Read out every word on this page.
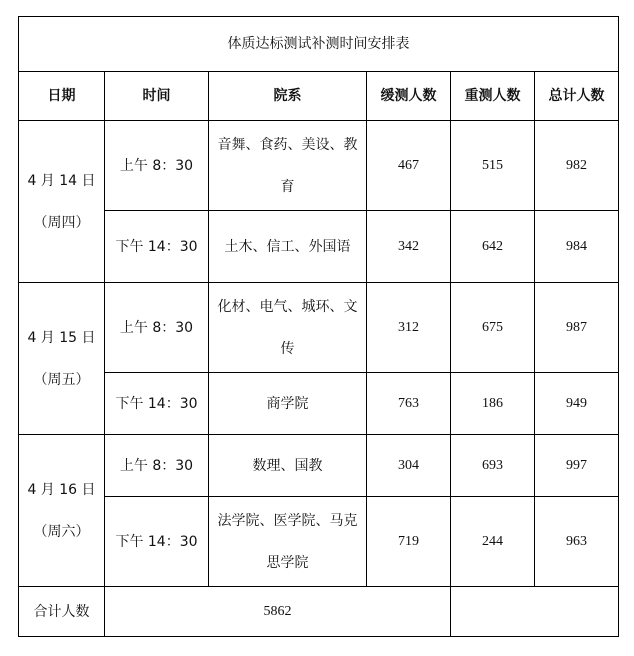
体质达标测试补测时间安排表					
日期	时间	院系	缓测人数	重测人数	总计人数

4 月 14 日
（周四）	上午 8：30	音舞、食药、美设、教育	467	515	982
	下午 14：30	土木、信工、外国语	342	642	984

4 月 15 日
（周五）	上午 8：30	化材、电气、城环、文传	312	675	987
	下午 14：30	商学院	763	186	949

4 月 16 日
（周六）	上午 8：30	数理、国教	304	693	997
	下午 14：30	法学院、医学院、马克思学院	719	244	963
合计人数	5862				
